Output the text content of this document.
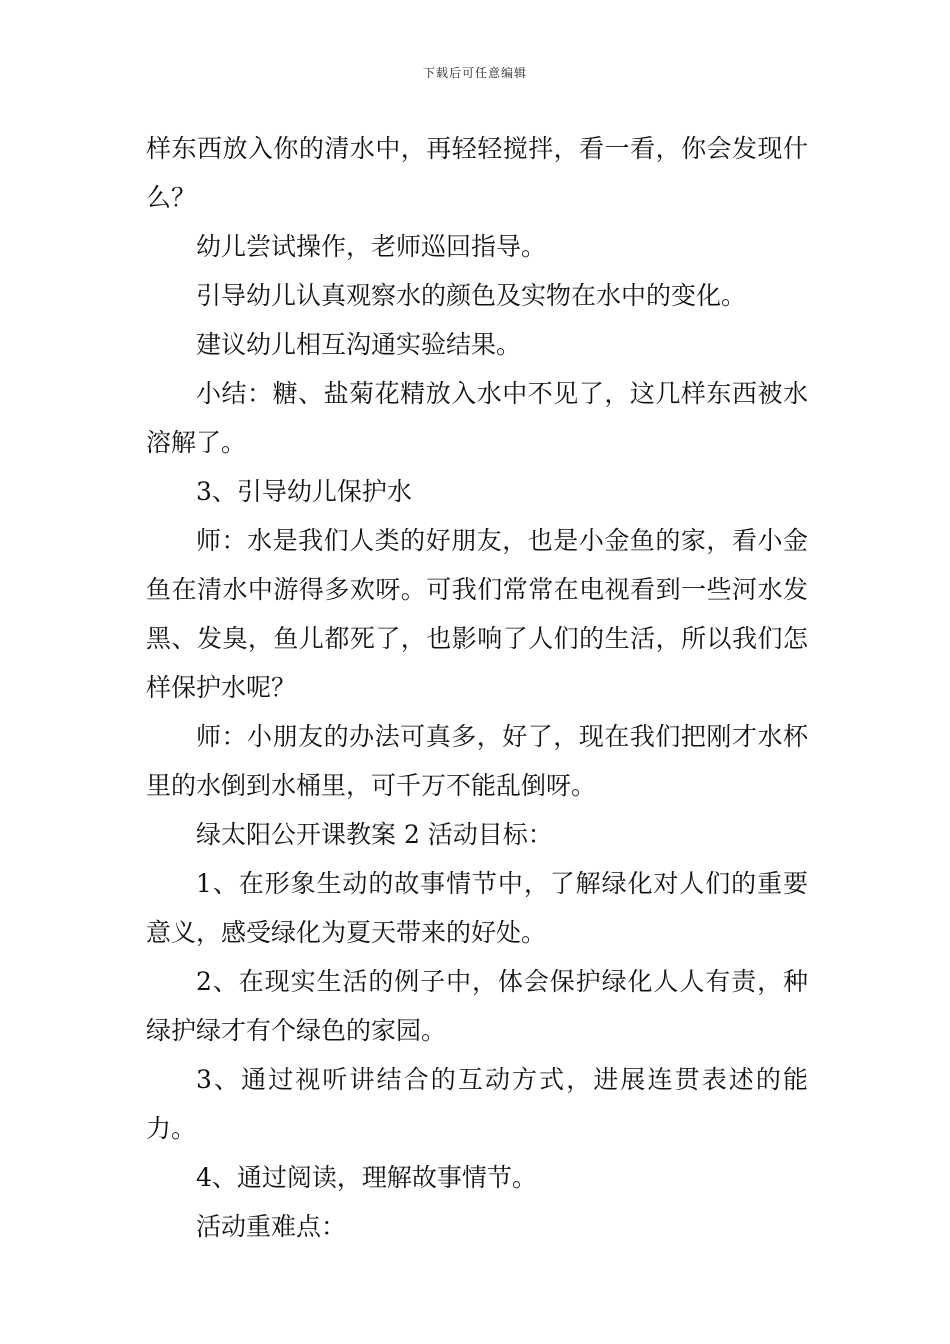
下载后可任意编辑

样东西放入你的清水中，再轻轻搅拌，看一看，你会发现什么？

幼儿尝试操作，老师巡回指导。

引导幼儿认真观察水的颜色及实物在水中的变化。

建议幼儿相互沟通实验结果。

小结：糖、盐菊花精放入水中不见了，这几样东西被水溶解了。

3、引导幼儿保护水

师：水是我们人类的好朋友，也是小金鱼的家，看小金鱼在清水中游得多欢呀。可我们常常在电视看到一些河水发黑、发臭，鱼儿都死了，也影响了人们的生活，所以我们怎样保护水呢？

师：小朋友的办法可真多，好了，现在我们把刚才水杯里的水倒到水桶里，可千万不能乱倒呀。

绿太阳公开课教案 2 活动目标：

1、在形象生动的故事情节中，了解绿化对人们的重要意义，感受绿化为夏天带来的好处。

2、在现实生活的例子中，体会保护绿化人人有责，种绿护绿才有个绿色的家园。

3、通过视听讲结合的互动方式，进展连贯表述的能力。

4、通过阅读，理解故事情节。

活动重难点：
